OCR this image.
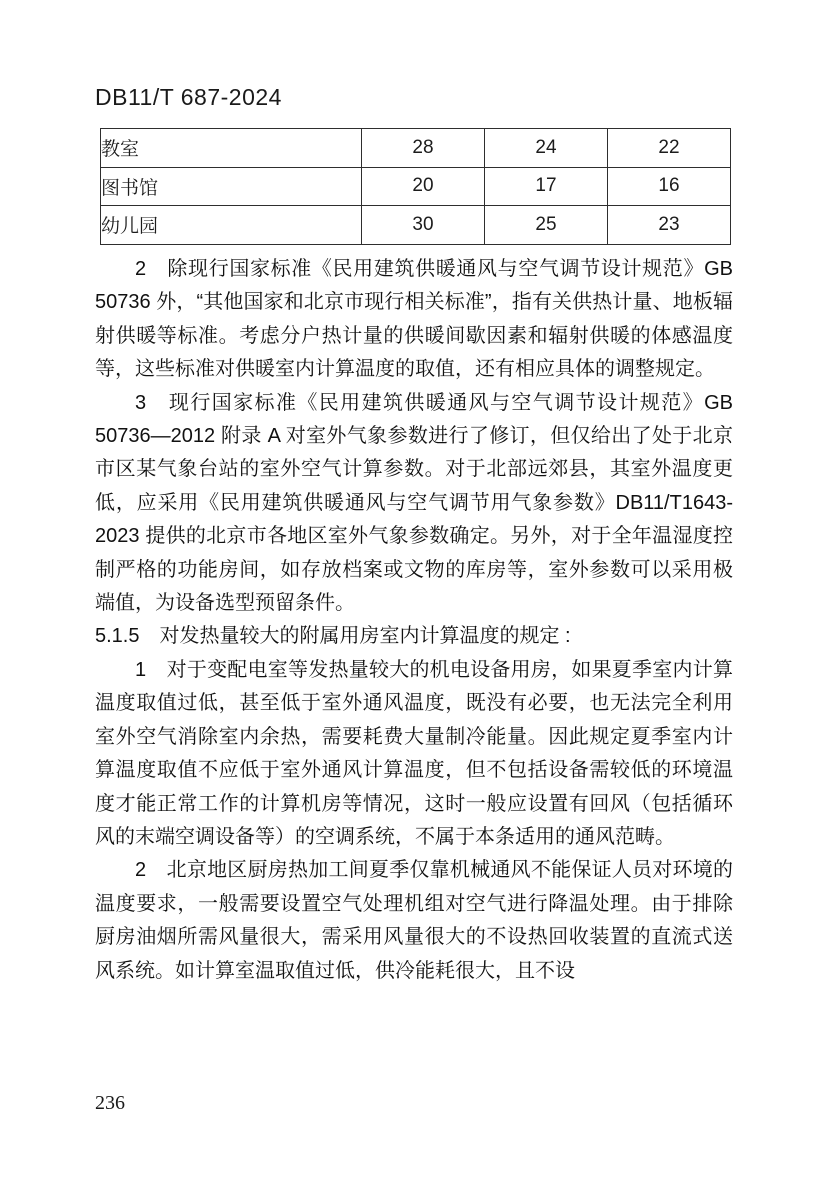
DB11/T 687-2024
教室	28	24	22
图书馆	20	17	16
幼儿园	30	25	23

2　除现行国家标准《民用建筑供暖通风与空气调节设计规范》GB 50736 外，“其他国家和北京市现行相关标准”，指有关供热计量、地板辐射供暖等标准。考虑分户热计量的供暖间歇因素和辐射供暖的体感温度等，这些标准对供暖室内计算温度的取值，还有相应具体的调整规定。

3　现行国家标准《民用建筑供暖通风与空气调节设计规范》GB 50736—2012 附录 A 对室外气象参数进行了修订，但仅给出了处于北京市区某气象台站的室外空气计算参数。对于北部远郊县，其室外温度更低，应采用《民用建筑供暖通风与空气调节用气象参数》DB11/T1643-2023 提供的北京市各地区室外气象参数确定。另外，对于全年温湿度控制严格的功能房间，如存放档案或文物的库房等，室外参数可以采用极端值，为设备选型预留条件。

5.1.5　对发热量较大的附属用房室内计算温度的规定 :

1　对于变配电室等发热量较大的机电设备用房，如果夏季室内计算温度取值过低，甚至低于室外通风温度，既没有必要，也无法完全利用室外空气消除室内余热，需要耗费大量制冷能量。因此规定夏季室内计算温度取值不应低于室外通风计算温度，但不包括设备需较低的环境温度才能正常工作的计算机房等情况，这时一般应设置有回风（包括循环风的末端空调设备等）的空调系统，不属于本条适用的通风范畴。

2　北京地区厨房热加工间夏季仅靠机械通风不能保证人员对环境的温度要求，一般需要设置空气处理机组对空气进行降温处理。由于排除厨房油烟所需风量很大，需采用风量很大的不设热回收装置的直流式送风系统。如计算室温取值过低，供冷能耗很大，且不设

236
